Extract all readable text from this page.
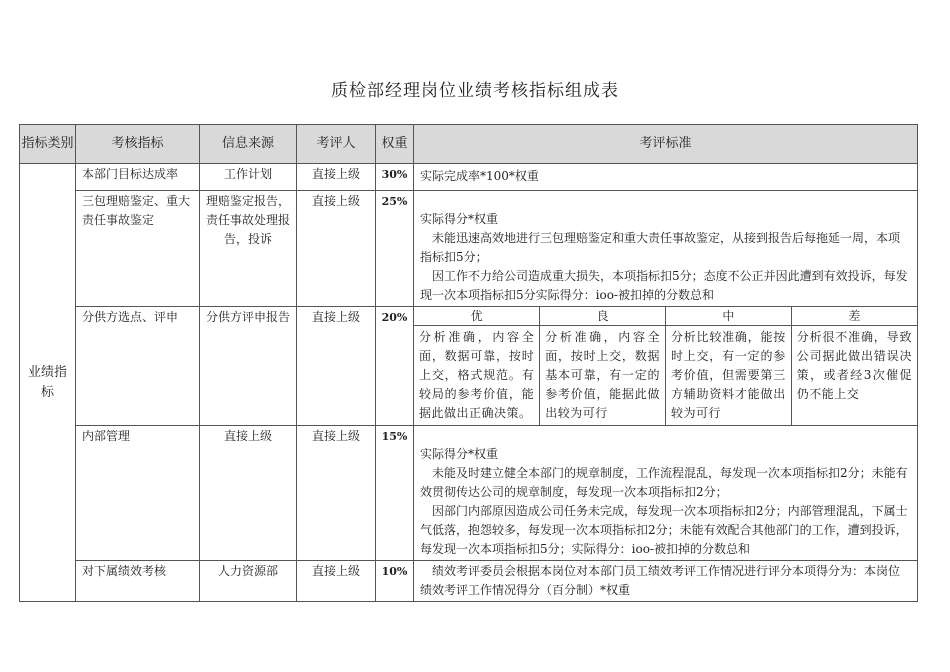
质检部经理岗位业绩考核指标组成表
指标类别	考核指标	信息来源	考评人	权重	考评标准

业绩指标
	本部门目标达成率	工作计划	直接上级	30%	实际完成率*100*权重

三包理赔鉴定、重大责任事故鉴定	理赔鉴定报告，责任事故处理报告，投诉	直接上级	25%	
实际得分*权重
未能迅速高效地进行三包理赔鉴定和重大责任事故鉴定，从接到报告后每拖延一周，本项指标扣5分；
因工作不力给公司造成重大损失，本项指标扣5分；态度不公正并因此遭到有效投诉，每发现一次本项指标扣5分实际得分：ioo-被扣掉的分数总和

分供方选点、评申	分供方评申报告	直接上级	20%		优	良	中	差
分析准确，内容全面，数据可靠，按时上交，格式规范。有较局的参考价值，能据此做出正确决策。	分析准确，内容全面，按时上交，数据基本可靠，有一定的参考价值，能据此做出较为可行	分析比较准确，能按时上交，有一定的参考价值，但需要第三方辅助资料才能做出较为可行	分析很不准确，导致公司据此做出错误决策，或者经3次催促仍不能上交

内部管理	直接上级	直接上级	15%	
实际得分*权重
未能及时建立健全本部门的规章制度，工作流程混乱，每发现一次本项指标扣2分；未能有效贯彻传达公司的规章制度，每发现一次本项指标扣2分；
因部门内部原因造成公司任务未完成，每发现一次本项指标扣2分；内部管理混乱，下属士气低落，抱怨较多，每发现一次本项指标扣2分；未能有效配合其他部门的工作，遭到投诉，每发现一次本项指标扣5分；实际得分：ioo-被扣掉的分数总和

对下属绩效考核	人力资源部	直接上级	10%	绩效考评委员会根据本岗位对本部门员工绩效考评工作情况进行评分本项得分为：本岗位绩效考评工作情况得分（百分制）*权重
